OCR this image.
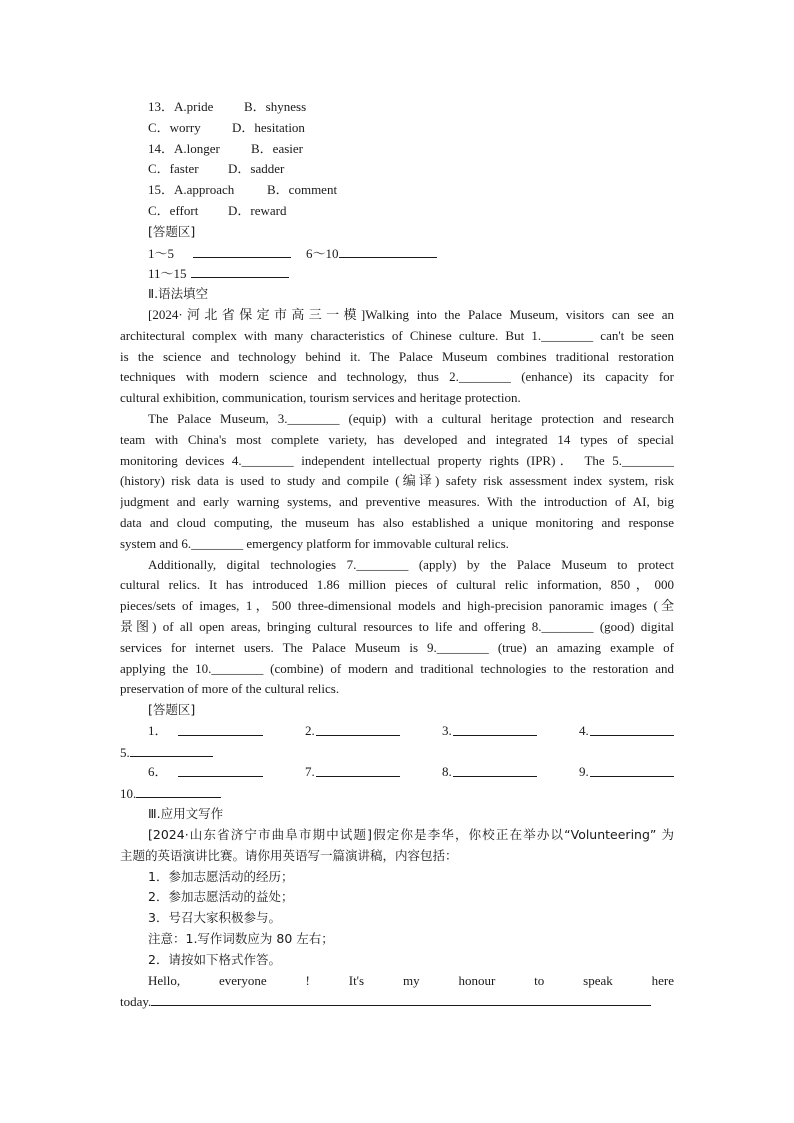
13．A.pride B．shyness
C．worry D．hesitation
14．A.longer B．easier
C．faster D．sadder
15．A.approach	B．comment
C．effort D．reward
[答题区]
1～5	6～10
11～15
Ⅱ.语法填空
[2024·河北省保定市高三一模]Walking into the Palace Museum, visitors can see an
architectural complex with many characteristics of Chinese culture. But 1.________ can't be seen
is the science and technology behind it. The Palace Museum combines traditional restoration
techniques with modern science and technology, thus 2.________ (enhance) its capacity for
cultural exhibition, communication, tourism services and heritage protection.
The Palace Museum, 3.________ (equip) with a cultural heritage protection and research
team with China's most complete variety, has developed and integrated 14 types of special
monitoring devices 4.________ independent intellectual property rights (IPR)． The 5.________
(history) risk data is used to study and compile (编译) safety risk assessment index system, risk
judgment and early warning systems, and preventive measures. With the introduction of AI, big
data and cloud computing, the museum has also established a unique monitoring and response
system and 6.________ emergency platform for immovable cultural relics.
Additionally, digital technologies 7.________ (apply) by the Palace Museum to protect
cultural relics. It has introduced 1.86 million pieces of cultural relic information, 850，000
pieces/sets of images, 1，500 three-dimensional models and high-precision panoramic images (全
景图) of all open areas, bringing cultural resources to life and offering 8.________ (good) digital
services for internet users. The Palace Museum is 9.________ (true) an amazing example of
applying the 10.________ (combine) of modern and traditional technologies to the restoration and
preservation of more of the cultural relics.
[答题区]
1．	2.	3.	4.
5.
6．	7.	8.	9.
10.
Ⅲ.应用文写作
[2024·山东省济宁市曲阜市期中试题]假定你是李华，你校正在举办以“Volunteering” 为
主题的英语演讲比赛。请你用英语写一篇演讲稿，内容包括：
1．参加志愿活动的经历；
2．参加志愿活动的益处；
3．号召大家积极参与。
注意：1.写作词数应为 80 左右；
2．请按如下格式作答。
Hello, everyone ! It's my honour to speak here
today.
